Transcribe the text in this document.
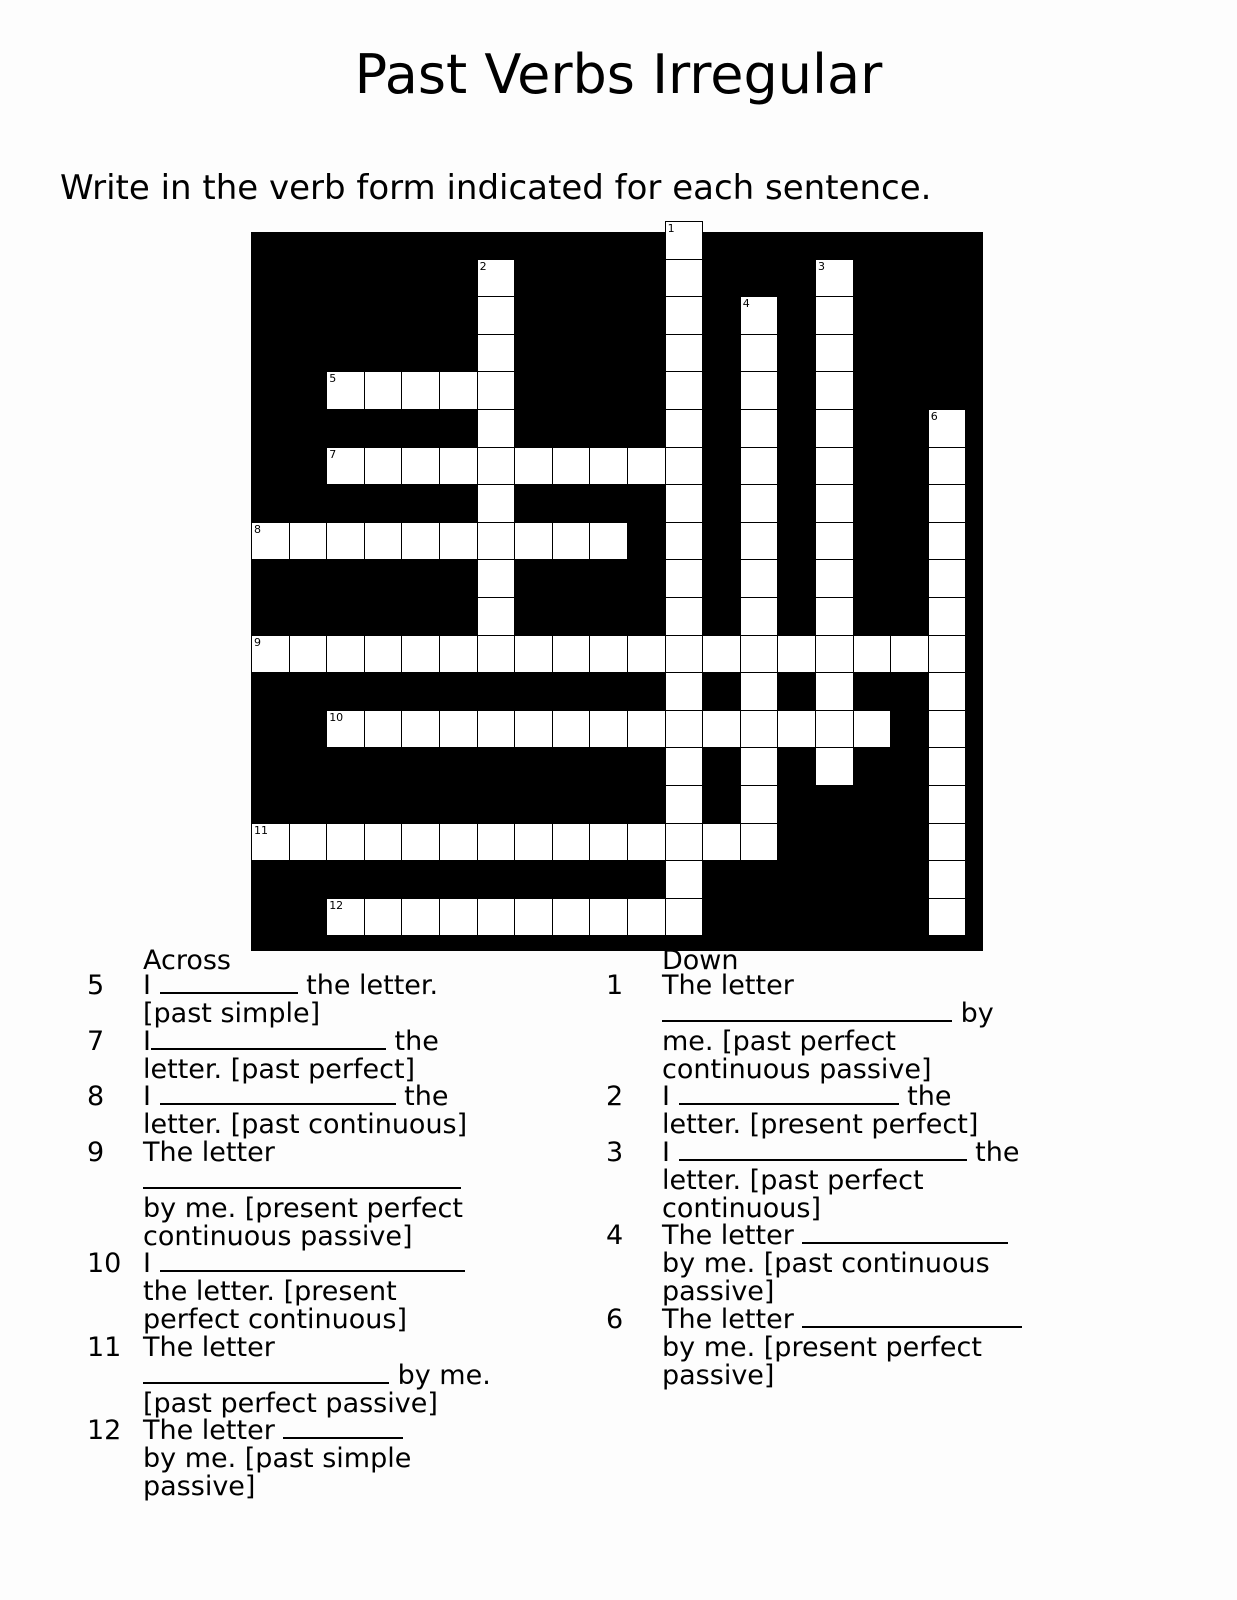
Past Verbs Irregular
Write in the verb form indicated for each sentence.
5
7
8
9
10
11
12
1
2	3
4
6
Across	Down
5 I	the letter.
[past simple]
7 I	the
letter. [past perfect]
8 I	the
letter. [past continuous]
9 The letter
by me. [present perfect
continuous passive]
10 I
the letter. [present
perfect continuous]
11 The letter
by me.
[past perfect passive]
12 The letter
by me. [past simple
passive]
1 The letter
by
me. [past perfect
continuous passive]
2 I	the
letter. [present perfect]
3 I	the
letter. [past perfect
continuous]
4 The letter
by me. [past continuous
passive]
6 The letter
by me. [present perfect
passive]
